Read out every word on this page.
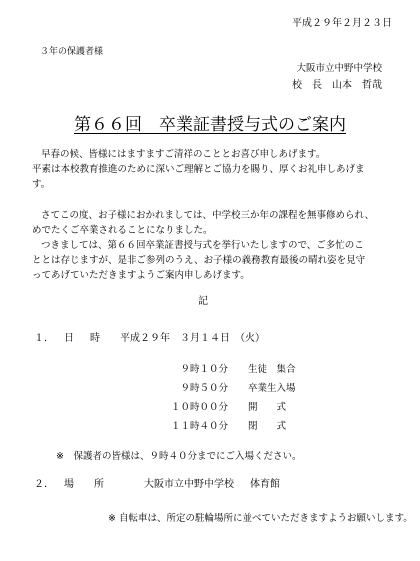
平成２９年２月２３日
３年の保護者様
大阪市立中野中学校
校　長 山本　哲哉
第６６回　卒業証書授与式のご案内

早春の候、皆様にはますますご清祥のこととお喜び申しあげます。

平素は本校教育推進のために深いご理解とご協力を賜り、厚くお礼申しあげま

す。

さてこの度、お子様におかれましては、中学校三か年の課程を無事修められ、

めでたくご卒業されることになりました。

つきましては、第６６回卒業証書授与式を挙行いたしますので、ご多忙のこ

ととは存じますが、是非ご参列のうえ、お子様の義務教育最後の晴れ姿を見守

ってあげていただきますようご案内申しあげます。

記
１． 日 時	平成２９年　３月１４日　（火）
９時１０分 生徒　集合
９時５０分 卒業生入場
１０時００分 開　　式
１１時４０分 閉　　式
※　保護者の皆様は、９時４０分までにご入場ください。
２． 場 所	大阪市立中野中学校 体育館
※ 自転車は、所定の駐輪場所に並べていただきますようお願いします。
